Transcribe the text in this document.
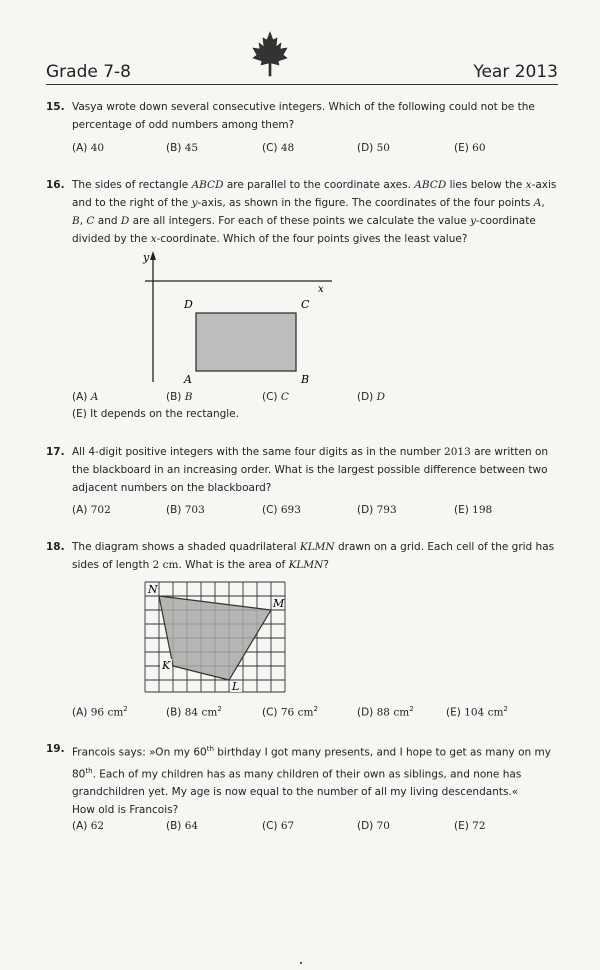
Grade 7-8	Year 2013
15. Vasya wrote down several consecutive integers. Which of the following could not be the percentage of odd numbers among them?
(A) 40	(B) 45	(C) 48	(D) 50	(E) 60
16. The sides of rectangle ABCD are parallel to the coordinate axes. ABCD lies below the x-axis and to the right of the y-axis, as shown in the figure. The coordinates of the four points A, B, C and D are all integers. For each of these points we calculate the value y-coordinate divided by the x-coordinate. Which of the four points gives the least value?
y
x
D	C
A	B
(A) A	(B) B	(C) C	(D) D
(E) It depends on the rectangle.
17. All 4-digit positive integers with the same four digits as in the number 2013 are written on the blackboard in an increasing order. What is the largest possible difference between two adjacent numbers on the blackboard?
(A) 702	(B) 703	(C) 693	(D) 793	(E) 198
18. The diagram shows a shaded quadrilateral KLMN drawn on a grid. Each cell of the grid has sides of length 2 cm. What is the area of KLMN?
N
M
K
L
(A) 96 $cm^2$	(B) 84 $cm^2$	(C) 76 $cm^2$	(D) 88 $cm^2$	(E) 104 $cm^2$
19. Francois says: »On my 60th birthday I got many presents, and I hope to get as many on my 80th. Each of my children has as many children of their own as siblings, and none has grandchildren yet. My age is now equal to the number of all my living descendants.«
How old is Francois?
(A) 62	(B) 64	(C) 67	(D) 70	(E) 72
